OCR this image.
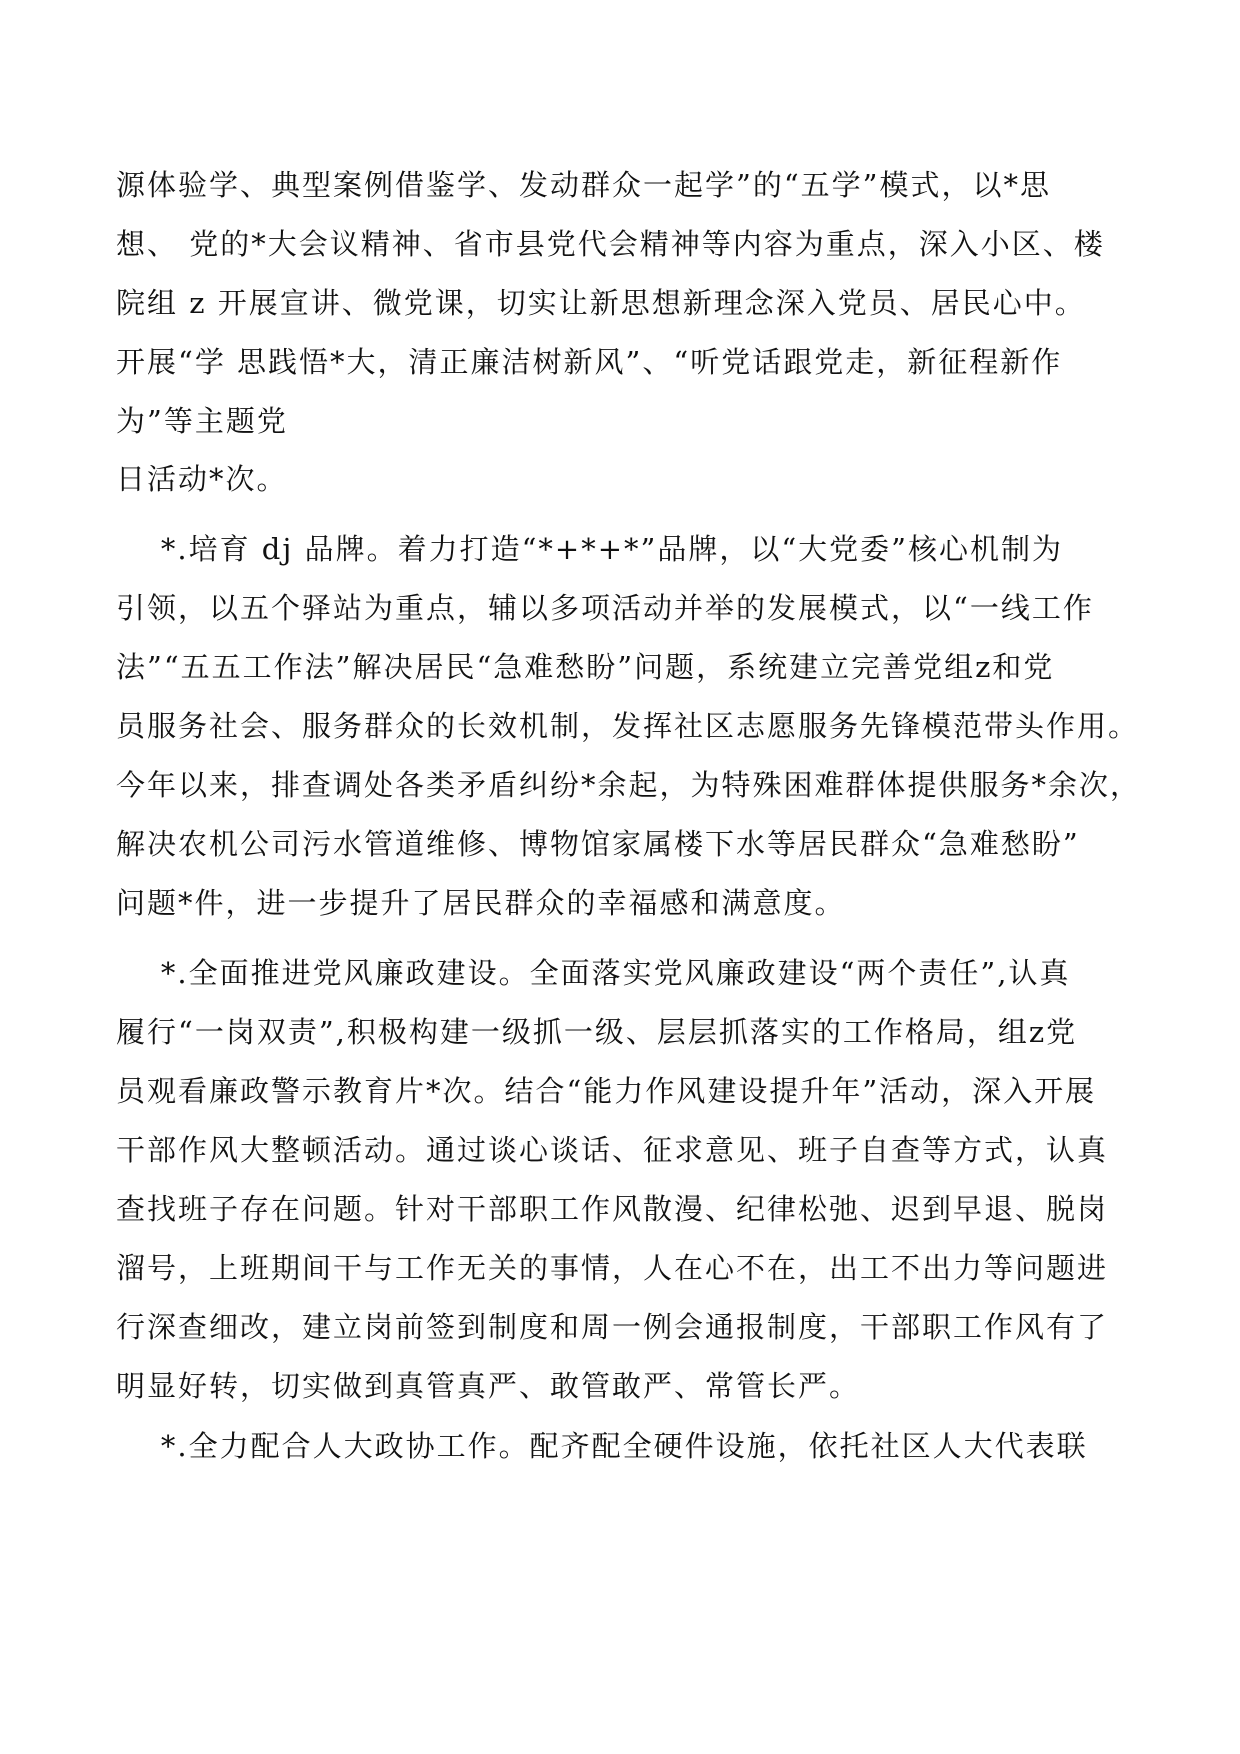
源体验学、典型案例借鉴学、发动群众一起学”的“五学”模式，以*思
想、 党的*大会议精神、省市县党代会精神等内容为重点，深入小区、楼
院组 z 开展宣讲、微党课，切实让新思想新理念深入党员、居民心中。
开展“学 思践悟*大，清正廉洁树新风”、“听党话跟党走，新征程新作
为”等主题党
日活动*次。
*.培育 dj 品牌。着力打造“*+*+*”品牌，以“大党委”核心机制为
引领，以五个驿站为重点，辅以多项活动并举的发展模式，以“一线工作
法”“五五工作法”解决居民“急难愁盼”问题，系统建立完善党组z和党
员服务社会、服务群众的长效机制，发挥社区志愿服务先锋模范带头作用。
今年以来，排查调处各类矛盾纠纷*余起，为特殊困难群体提供服务*余次，
解决农机公司污水管道维修、博物馆家属楼下水等居民群众“急难愁盼”
问题*件，进一步提升了居民群众的幸福感和满意度。
*.全面推进党风廉政建设。全面落实党风廉政建设“两个责任”,认真
履行“一岗双责”,积极构建一级抓一级、层层抓落实的工作格局，组z党
员观看廉政警示教育片*次。结合“能力作风建设提升年”活动，深入开展
干部作风大整顿活动。通过谈心谈话、征求意见、班子自查等方式，认真
查找班子存在问题。针对干部职工作风散漫、纪律松弛、迟到早退、脱岗
溜号，上班期间干与工作无关的事情，人在心不在，出工不出力等问题进
行深查细改，建立岗前签到制度和周一例会通报制度，干部职工作风有了
明显好转，切实做到真管真严、敢管敢严、常管长严。
*.全力配合人大政协工作。配齐配全硬件设施，依托社区人大代表联
